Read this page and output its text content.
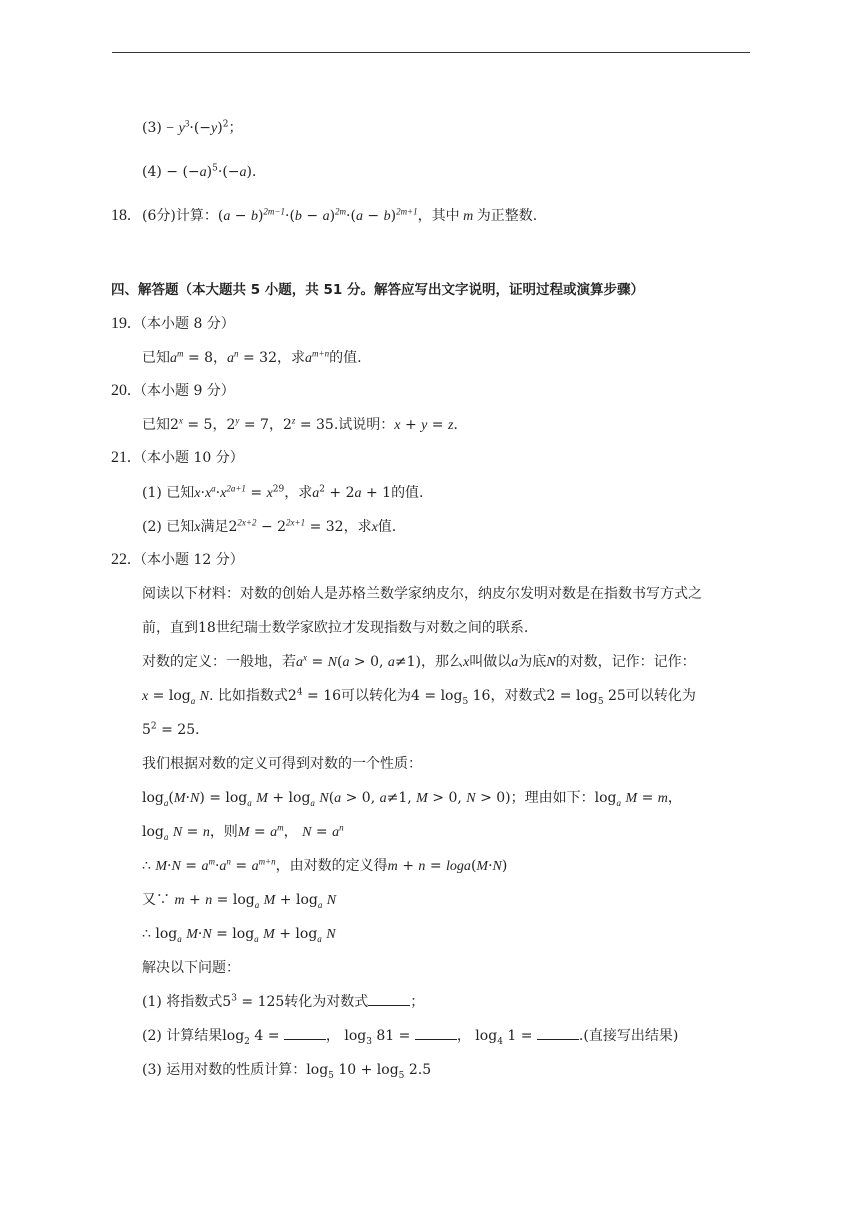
$(3) - y^3\cdot(-y)^2$；
$(4) - (-a)^5\cdot(-a)$．
18. (6分)计算：$(a - b)^{2m-1}\cdot(b - a)^{2m}\cdot(a - b)^{2m+1}$，其中 m 为正整数.
四、解答题（本大题共 5 小题，共 51 分。解答应写出文字说明，证明过程或演算步骤）
19. （本小题 8 分）
已知$a^m = 8$，$a^n = 32$，求$a^{m+n}$的值.
20. （本小题 9 分）
已知$2^x = 5$，$2^y = 7$，$2^z = 35$.试说明：x + y = z．
21. （本小题 10 分）
(1) 已知$x\cdot x^a\cdot x^{2a+1} = x^{29}$，求$a^2 + 2a + 1$的值.
(2) 已知x满足$2^{2x+2} - 2^{2x+1} = 32$，求x值.
22. （本小题 12 分）
阅读以下材料：对数的创始人是苏格兰数学家纳皮尔，纳皮尔发明对数是在指数书写方式之
前，直到18世纪瑞士数学家欧拉才发现指数与对数之间的联系.
对数的定义：一般地，若$a^x = N(a > 0$, a≠1)，那么x叫做以a为底N的对数，记作：记作：
$x = \log_a N$. 比如指数式$2^4 = 16$可以转化为$4 = \log_5 16$，对数式$2 = \log_5 25$可以转化为
$5^2 = 25$．
我们根据对数的定义可得到对数的一个性质：
$\log_a(M\cdot N) = \log_a M + \log_a N(a > 0$, a≠1, M > 0, N > 0)；理由如下：$\log_a M = m$，
$\log_a N = n$，则$M = a^m$， $N = a^n$
∴ $M\cdot N = a^m\cdot a^n = a^{m+n}$，由对数的定义得m + n = loga(M·N)
又∵ $m + n = \log_a M + \log_a N$
∴ $\log_a M\cdot N = \log_a M + \log_a N$
解决以下问题：
(1) 将指数式$5^3 = 125$转化为对数式	；
(2) 计算结果$\log_2 4$ =	， $\log_3 81$ =	， $\log_4 1$ =	.(直接写出结果)
(3) 运用对数的性质计算：$\log_5 10 + \log_5 2.5$
